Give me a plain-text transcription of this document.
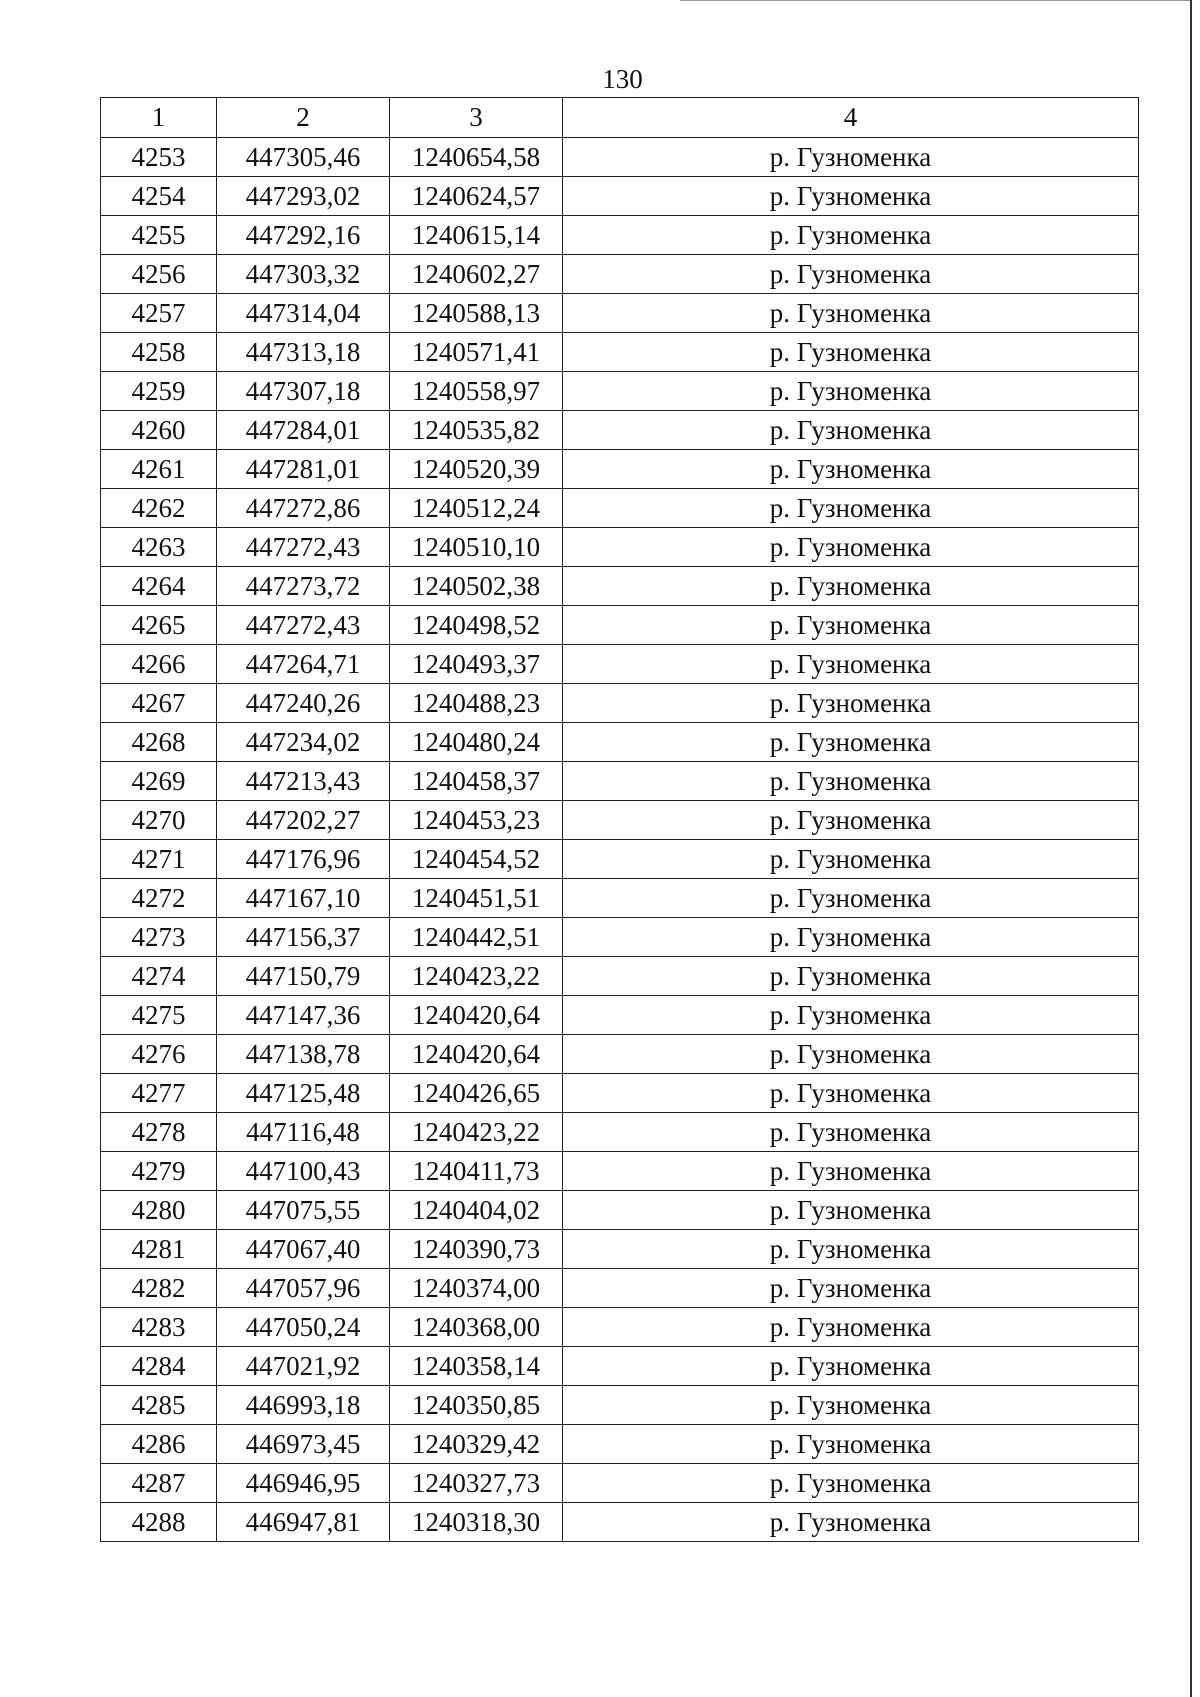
130
1	2	3	4
4253	447305,46	1240654,58	р. Гузноменка
4254	447293,02	1240624,57	р. Гузноменка
4255	447292,16	1240615,14	р. Гузноменка
4256	447303,32	1240602,27	р. Гузноменка
4257	447314,04	1240588,13	р. Гузноменка
4258	447313,18	1240571,41	р. Гузноменка
4259	447307,18	1240558,97	р. Гузноменка
4260	447284,01	1240535,82	р. Гузноменка
4261	447281,01	1240520,39	р. Гузноменка
4262	447272,86	1240512,24	р. Гузноменка
4263	447272,43	1240510,10	р. Гузноменка
4264	447273,72	1240502,38	р. Гузноменка
4265	447272,43	1240498,52	р. Гузноменка
4266	447264,71	1240493,37	р. Гузноменка
4267	447240,26	1240488,23	р. Гузноменка
4268	447234,02	1240480,24	р. Гузноменка
4269	447213,43	1240458,37	р. Гузноменка
4270	447202,27	1240453,23	р. Гузноменка
4271	447176,96	1240454,52	р. Гузноменка
4272	447167,10	1240451,51	р. Гузноменка
4273	447156,37	1240442,51	р. Гузноменка
4274	447150,79	1240423,22	р. Гузноменка
4275	447147,36	1240420,64	р. Гузноменка
4276	447138,78	1240420,64	р. Гузноменка
4277	447125,48	1240426,65	р. Гузноменка
4278	447116,48	1240423,22	р. Гузноменка
4279	447100,43	1240411,73	р. Гузноменка
4280	447075,55	1240404,02	р. Гузноменка
4281	447067,40	1240390,73	р. Гузноменка
4282	447057,96	1240374,00	р. Гузноменка
4283	447050,24	1240368,00	р. Гузноменка
4284	447021,92	1240358,14	р. Гузноменка
4285	446993,18	1240350,85	р. Гузноменка
4286	446973,45	1240329,42	р. Гузноменка
4287	446946,95	1240327,73	р. Гузноменка
4288	446947,81	1240318,30	р. Гузноменка
